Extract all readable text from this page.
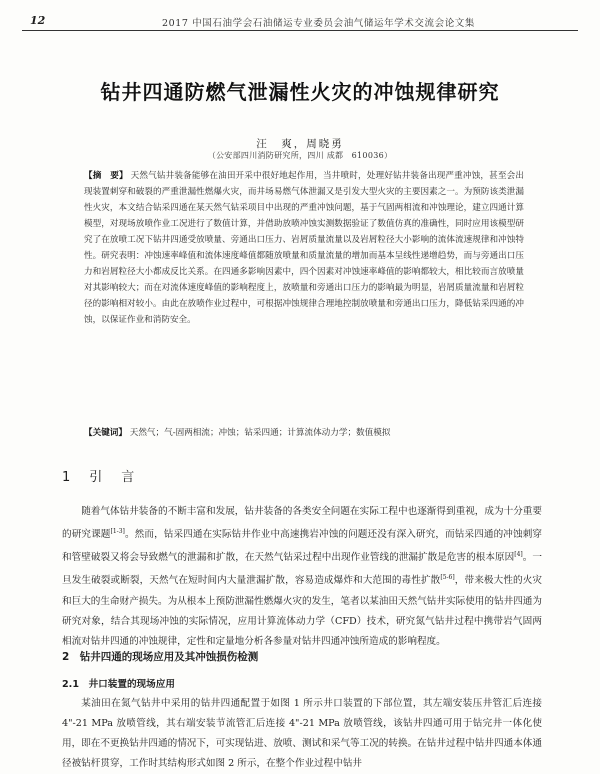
12	2017 中国石油学会石油储运专业委员会油气储运年学术交流会论文集
钻井四通防燃气泄漏性火灾的冲蚀规律研究
汪　爽，周晓勇
（公安部四川消防研究所，四川 成都　610036）
【摘　要】 天然气钻井装备能够在油田开采中很好地起作用，当井喷时，处理好钻井装备出现严重冲蚀，甚至会出现装置刺穿和破裂的严重泄漏性燃爆火灾，而井场易燃气体泄漏又是引发大型火灾的主要因素之一。为预防该类泄漏性火灾，本文结合钻采四通在某天然气钻采项目中出现的严重冲蚀问题，基于气固两相流和冲蚀理论，建立四通计算模型，对现场放喷作业工况进行了数值计算，并借助放喷冲蚀实测数据验证了数值仿真的准确性，同时应用该模型研究了在放喷工况下钻井四通受放喷量、旁通出口压力、岩屑质量流量以及岩屑粒径大小影响的流体流速规律和冲蚀特性。研究表明：冲蚀速率峰值和流体速度峰值都随放喷量和质量流量的增加而基本呈线性递增趋势，而与旁通出口压力和岩屑粒径大小都成反比关系。在四通多影响因素中，四个因素对冲蚀速率峰值的影响都较大，相比较而言放喷量对其影响较大；而在对流体速度峰值的影响程度上，放喷量和旁通出口压力的影响最为明显，岩屑质量流量和岩屑粒径的影响相对较小。由此在放喷作业过程中，可根据冲蚀规律合理地控制放喷量和旁通出口压力，降低钻采四通的冲蚀，以保证作业和消防安全。
【关键词】 天然气；气-固两相流；冲蚀；钻采四通；计算流体动力学；数值模拟
1　引　言
随着气体钻井装备的不断丰富和发展，钻井装备的各类安全问题在实际工程中也逐渐得到重视，成为十分重要的研究课题[1-3]。然而，钻采四通在实际钻井作业中高速携岩冲蚀的问题还没有深入研究，而钻采四通的冲蚀刺穿和管壁破裂又将会导致燃气的泄漏和扩散，在天然气钻采过程中出现作业管线的泄漏扩散是危害的根本原因[4]。一旦发生破裂或断裂，天然气在短时间内大量泄漏扩散，容易造成爆炸和大范围的毒性扩散[5-6]，带来极大性的火灾和巨大的生命财产损失。为从根本上预防泄漏性燃爆火灾的发生，笔者以某油田天然气钻井实际使用的钻井四通为研究对象，结合其现场冲蚀的实际情况，应用计算流体动力学（CFD）技术，研究氮气钻井过程中携带岩气固两相流对钻井四通的冲蚀规律，定性和定量地分析各参量对钻井四通冲蚀所造成的影响程度。
2　钻井四通的现场应用及其冲蚀损伤检测
2.1　井口装置的现场应用
某油田在氮气钻井中采用的钻井四通配置于如图 1 所示井口装置的下部位置，其左端安装压井管汇后连接 4"-21 MPa 放喷管线，其右端安装节流管汇后连接 4"-21 MPa 放喷管线，该钻井四通可用于钻完井一体化使用，即在不更换钻井四通的情况下，可实现钻进、放喷、测试和采气等工况的转换。在钻井过程中钻井四通本体通径被钻杆贯穿，工作时其结构形式如图 2 所示，在整个作业过程中钻井
